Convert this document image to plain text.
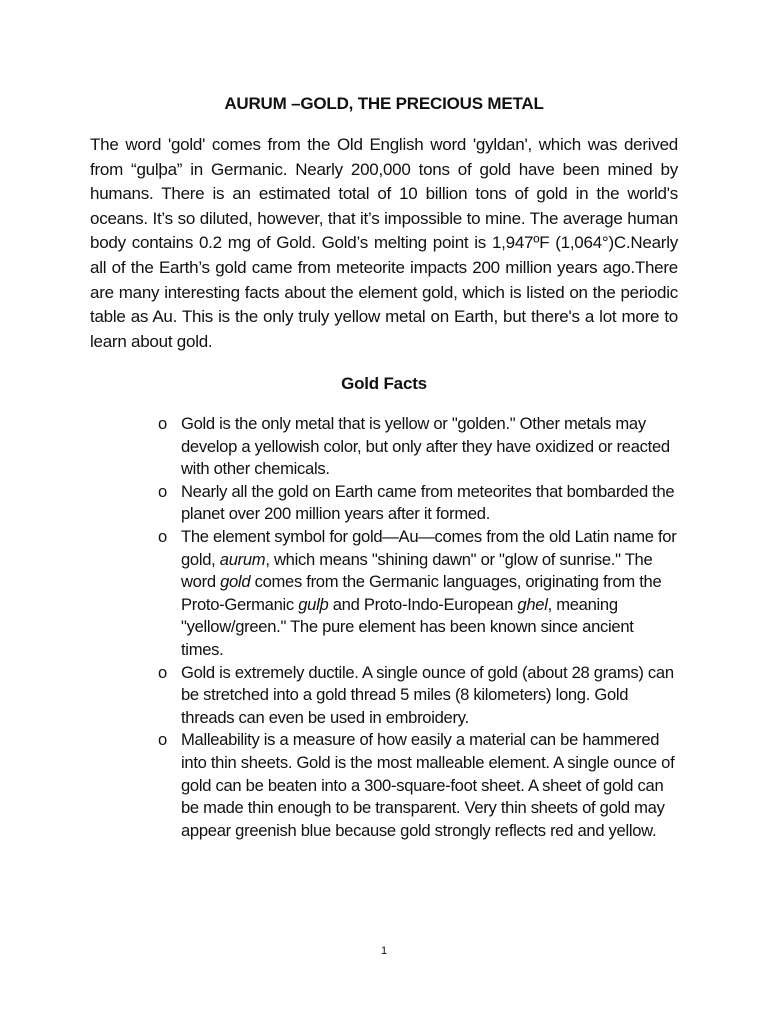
AURUM –GOLD, THE PRECIOUS METAL

The word 'gold' comes from the Old English word 'gyldan', which was derived from “gulþa” in Germanic. Nearly 200,000 tons of gold have been mined by humans. There is an estimated total of 10 billion tons of gold in the world's oceans. It’s so diluted, however, that it’s impossible to mine. The average human body contains 0.2 mg of Gold. Gold’s melting point is 1,947ºF (1,064°)C.Nearly all of the Earth’s gold came from meteorite impacts 200 million years ago.There are many interesting facts about the element gold, which is listed on the periodic table as Au. This is the only truly yellow metal on Earth, but there's a lot more to learn about gold.

Gold Facts
o Gold is the only metal that is yellow or "golden." Other metals may develop a yellowish color, but only after they have oxidized or reacted with other chemicals.
o Nearly all the gold on Earth came from meteorites that bombarded the planet over 200 million years after it formed.
o The element symbol for gold—Au—comes from the old Latin name for gold, aurum, which means "shining dawn" or "glow of sunrise." The word gold comes from the Germanic languages, originating from the Proto-Germanic gulþ and Proto-Indo-European ghel, meaning "yellow/green." The pure element has been known since ancient times.
o Gold is extremely ductile. A single ounce of gold (about 28 grams) can be stretched into a gold thread 5 miles (8 kilometers) long. Gold threads can even be used in embroidery.
o Malleability is a measure of how easily a material can be hammered into thin sheets. Gold is the most malleable element. A single ounce of gold can be beaten into a 300-square-foot sheet. A sheet of gold can be made thin enough to be transparent. Very thin sheets of gold may appear greenish blue because gold strongly reflects red and yellow.
1
